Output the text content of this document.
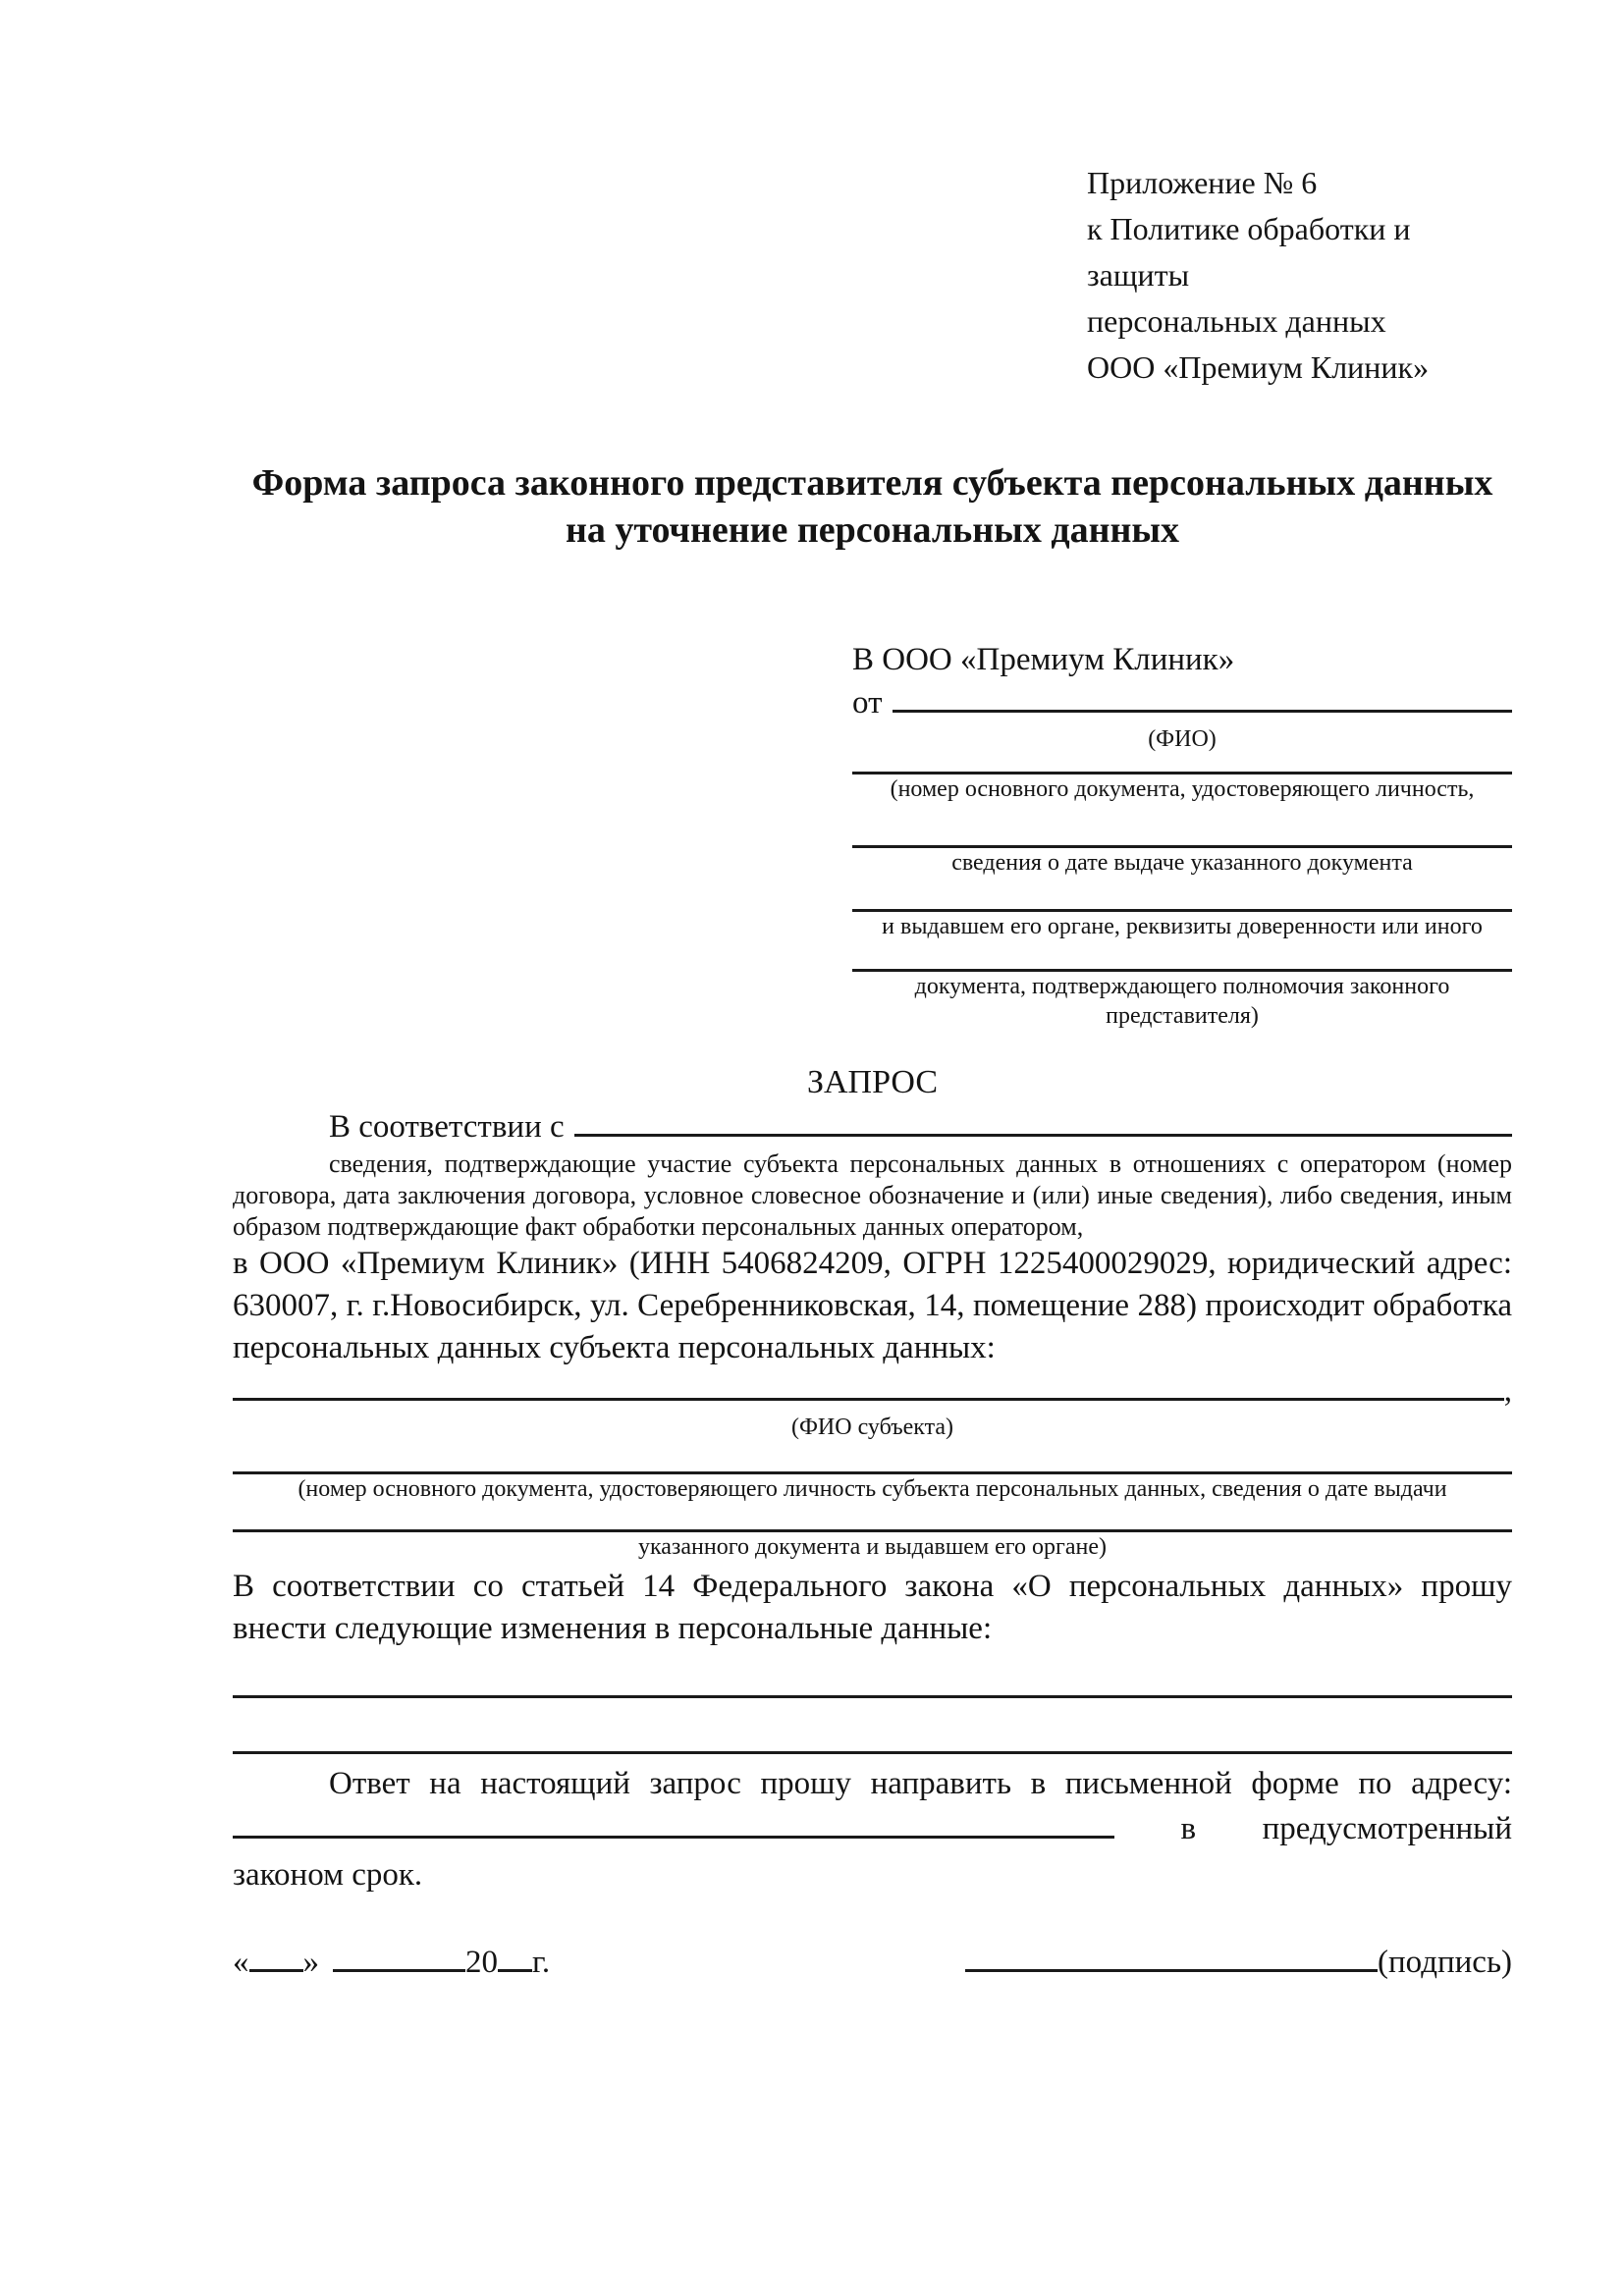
Приложение № 6
к Политике обработки и защиты
персональных данных
ООО «Премиум Клиник»
Форма запроса законного представителя субъекта персональных данных
на уточнение персональных данных
В ООО «Премиум Клиник»
от
(ФИО)
(номер основного документа, удостоверяющего личность,
сведения о дате выдаче указанного документа
и выдавшем его органе, реквизиты доверенности или иного
документа, подтверждающего полномочия законного представителя)
ЗАПРОС
В соответствии с
сведения, подтверждающие участие субъекта персональных данных в отношениях с оператором (номер договора, дата заключения договора, условное словесное обозначение и (или) иные сведения), либо сведения, иным образом подтверждающие факт обработки персональных данных оператором,
в ООО «Премиум Клиник» (ИНН 5406824209, ОГРН 1225400029029, юридический адрес: 630007, г. г.Новосибирск, ул. Серебренниковская, 14, помещение 288) происходит обработка персональных данных субъекта персональных данных:
,
(ФИО субъекта)
(номер основного документа, удостоверяющего личность субъекта персональных данных, сведения о дате выдачи
указанного документа и выдавшем его органе)
В соответствии со статьей 14 Федерального закона «О персональных данных» прошу внести следующие изменения в персональные данные:
Ответ на настоящий запрос прошу направить в письменной форме по адресу:
в предусмотренный
законом срок.
« »	20 г.	(подпись)
